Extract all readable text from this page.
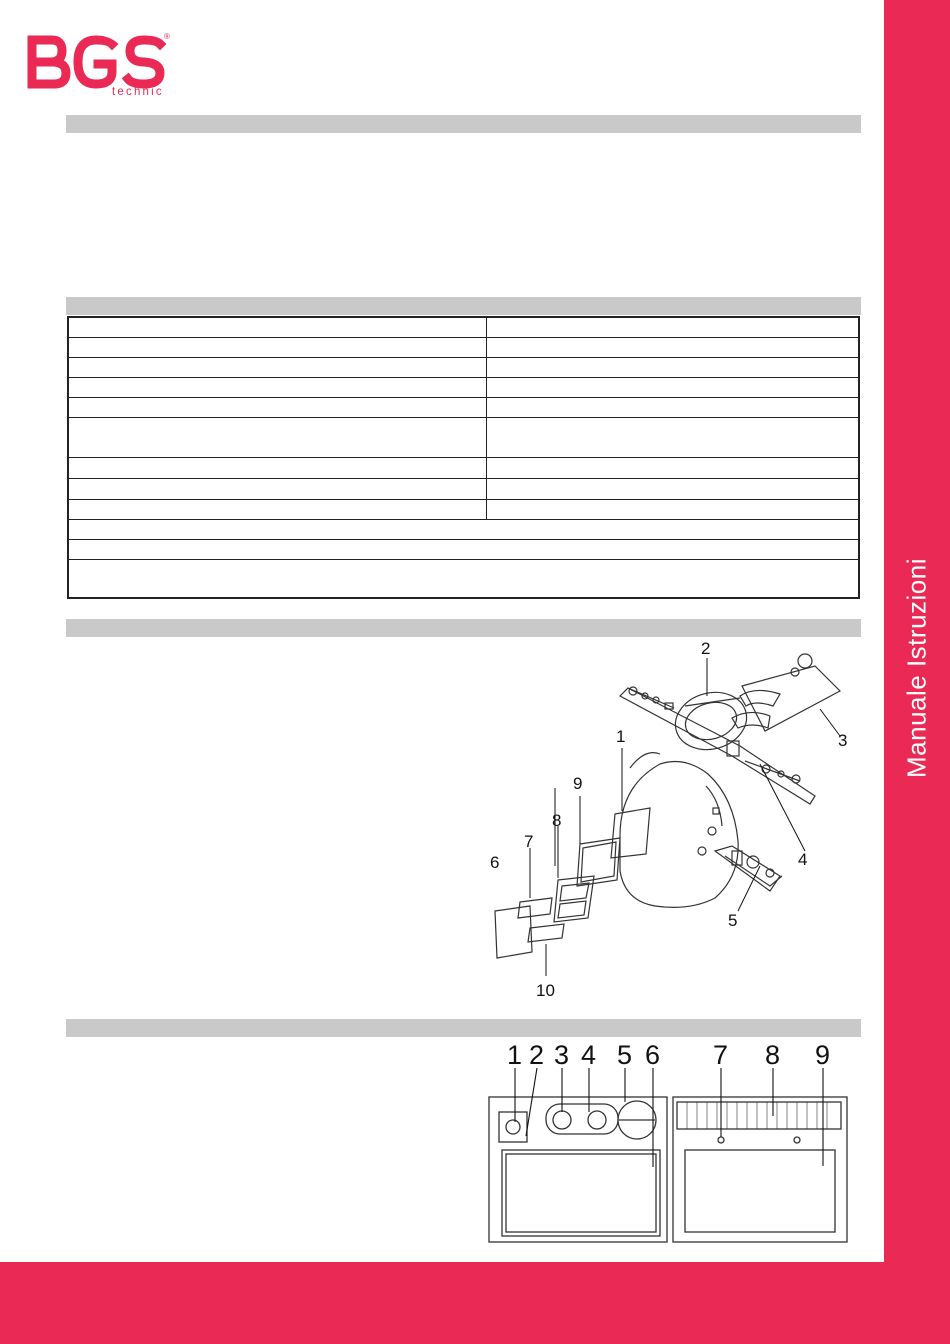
®
technic
Manuale Istruzioni

1
2
3
4
5
6
7
8
9
10
1 2 3 4 5 6 7 8 9
